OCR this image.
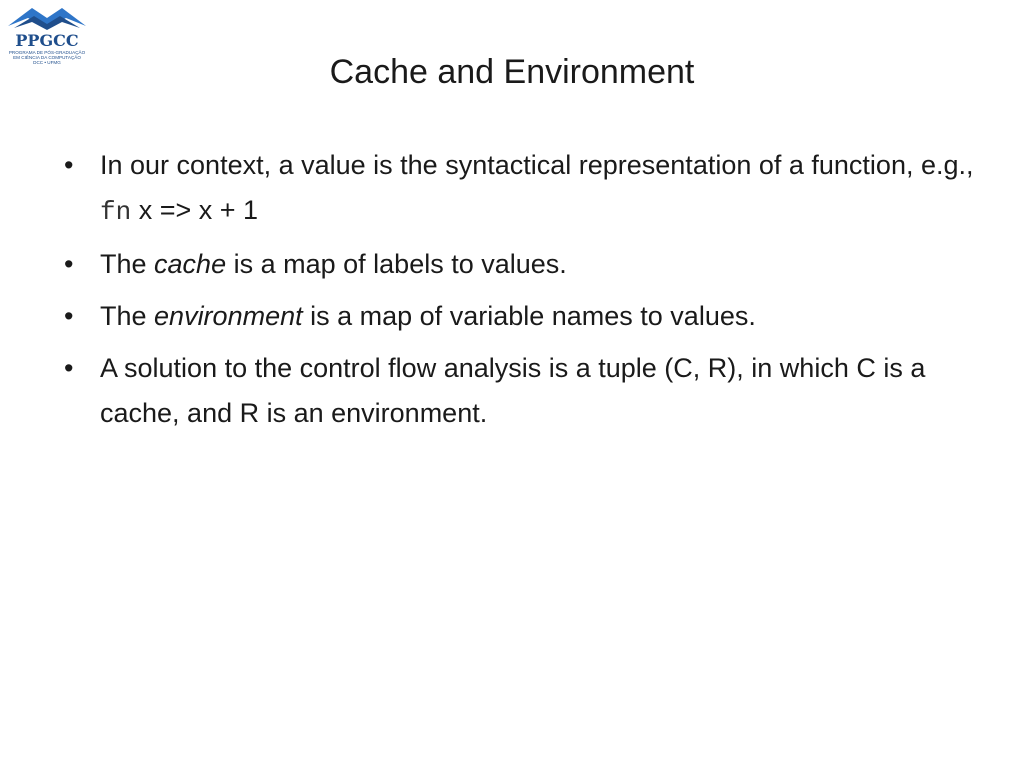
PPGCC
PROGRAMA DE PÓS-GRADUAÇÃO
EM CIÊNCIA DA COMPUTAÇÃO
DCC • UFMG	Cache and Environment
• In our context, a value is the syntactical representation of a function, e.g., fn x => x + 1
• The cache is a map of labels to values.
• The environment is a map of variable names to values.
• A solution to the control flow analysis is a tuple (C, R), in which C is a cache, and R is an environment.
